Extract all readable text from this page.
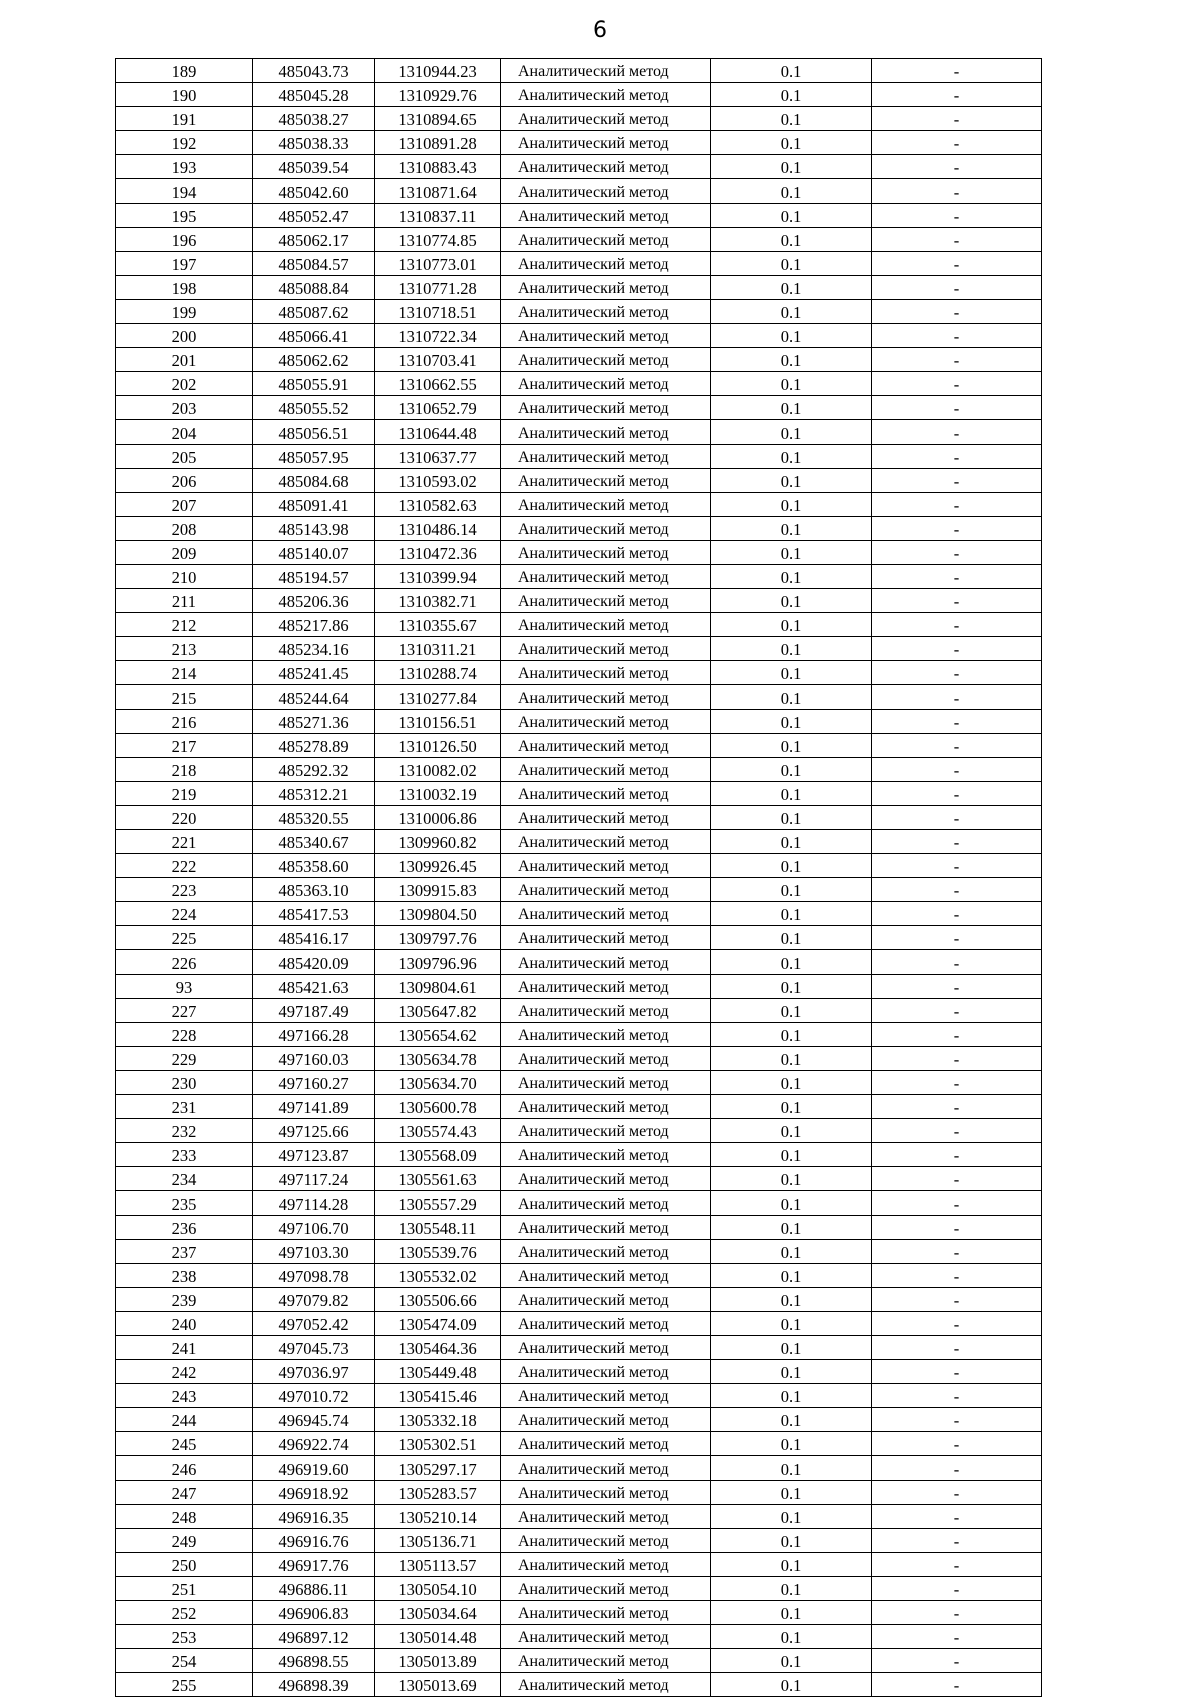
6
189	485043.73	1310944.23	Аналитический метод	0.1	-
190	485045.28	1310929.76	Аналитический метод	0.1	-
191	485038.27	1310894.65	Аналитический метод	0.1	-
192	485038.33	1310891.28	Аналитический метод	0.1	-
193	485039.54	1310883.43	Аналитический метод	0.1	-
194	485042.60	1310871.64	Аналитический метод	0.1	-
195	485052.47	1310837.11	Аналитический метод	0.1	-
196	485062.17	1310774.85	Аналитический метод	0.1	-
197	485084.57	1310773.01	Аналитический метод	0.1	-
198	485088.84	1310771.28	Аналитический метод	0.1	-
199	485087.62	1310718.51	Аналитический метод	0.1	-
200	485066.41	1310722.34	Аналитический метод	0.1	-
201	485062.62	1310703.41	Аналитический метод	0.1	-
202	485055.91	1310662.55	Аналитический метод	0.1	-
203	485055.52	1310652.79	Аналитический метод	0.1	-
204	485056.51	1310644.48	Аналитический метод	0.1	-
205	485057.95	1310637.77	Аналитический метод	0.1	-
206	485084.68	1310593.02	Аналитический метод	0.1	-
207	485091.41	1310582.63	Аналитический метод	0.1	-
208	485143.98	1310486.14	Аналитический метод	0.1	-
209	485140.07	1310472.36	Аналитический метод	0.1	-
210	485194.57	1310399.94	Аналитический метод	0.1	-
211	485206.36	1310382.71	Аналитический метод	0.1	-
212	485217.86	1310355.67	Аналитический метод	0.1	-
213	485234.16	1310311.21	Аналитический метод	0.1	-
214	485241.45	1310288.74	Аналитический метод	0.1	-
215	485244.64	1310277.84	Аналитический метод	0.1	-
216	485271.36	1310156.51	Аналитический метод	0.1	-
217	485278.89	1310126.50	Аналитический метод	0.1	-
218	485292.32	1310082.02	Аналитический метод	0.1	-
219	485312.21	1310032.19	Аналитический метод	0.1	-
220	485320.55	1310006.86	Аналитический метод	0.1	-
221	485340.67	1309960.82	Аналитический метод	0.1	-
222	485358.60	1309926.45	Аналитический метод	0.1	-
223	485363.10	1309915.83	Аналитический метод	0.1	-
224	485417.53	1309804.50	Аналитический метод	0.1	-
225	485416.17	1309797.76	Аналитический метод	0.1	-
226	485420.09	1309796.96	Аналитический метод	0.1	-
93	485421.63	1309804.61	Аналитический метод	0.1	-
227	497187.49	1305647.82	Аналитический метод	0.1	-
228	497166.28	1305654.62	Аналитический метод	0.1	-
229	497160.03	1305634.78	Аналитический метод	0.1	-
230	497160.27	1305634.70	Аналитический метод	0.1	-
231	497141.89	1305600.78	Аналитический метод	0.1	-
232	497125.66	1305574.43	Аналитический метод	0.1	-
233	497123.87	1305568.09	Аналитический метод	0.1	-
234	497117.24	1305561.63	Аналитический метод	0.1	-
235	497114.28	1305557.29	Аналитический метод	0.1	-
236	497106.70	1305548.11	Аналитический метод	0.1	-
237	497103.30	1305539.76	Аналитический метод	0.1	-
238	497098.78	1305532.02	Аналитический метод	0.1	-
239	497079.82	1305506.66	Аналитический метод	0.1	-
240	497052.42	1305474.09	Аналитический метод	0.1	-
241	497045.73	1305464.36	Аналитический метод	0.1	-
242	497036.97	1305449.48	Аналитический метод	0.1	-
243	497010.72	1305415.46	Аналитический метод	0.1	-
244	496945.74	1305332.18	Аналитический метод	0.1	-
245	496922.74	1305302.51	Аналитический метод	0.1	-
246	496919.60	1305297.17	Аналитический метод	0.1	-
247	496918.92	1305283.57	Аналитический метод	0.1	-
248	496916.35	1305210.14	Аналитический метод	0.1	-
249	496916.76	1305136.71	Аналитический метод	0.1	-
250	496917.76	1305113.57	Аналитический метод	0.1	-
251	496886.11	1305054.10	Аналитический метод	0.1	-
252	496906.83	1305034.64	Аналитический метод	0.1	-
253	496897.12	1305014.48	Аналитический метод	0.1	-
254	496898.55	1305013.89	Аналитический метод	0.1	-
255	496898.39	1305013.69	Аналитический метод	0.1	-
